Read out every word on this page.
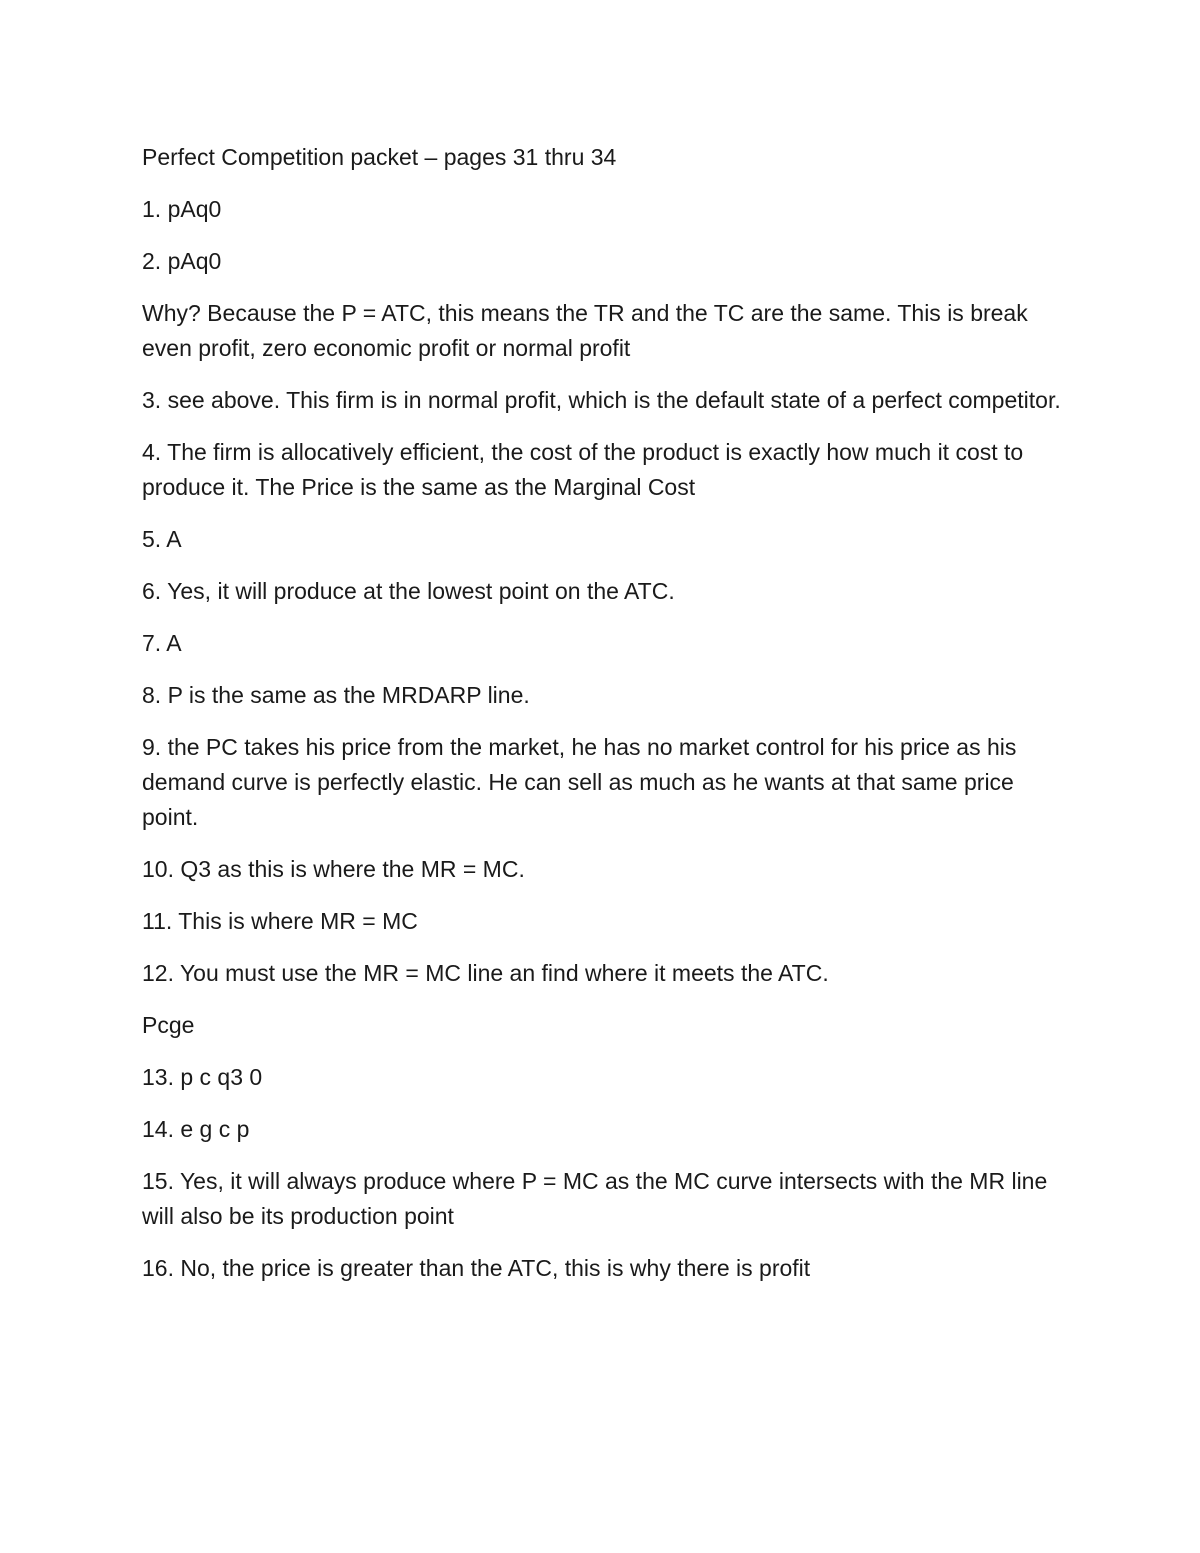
Perfect Competition packet – pages 31 thru 34

1. pAq0

2. pAq0

Why? Because the P = ATC, this means the TR and the TC are the same. This is break even profit, zero economic profit or normal profit

3. see above. This firm is in normal profit, which is the default state of a perfect competitor.

4. The firm is allocatively efficient, the cost of the product is exactly how much it cost to produce it. The Price is the same as the Marginal Cost

5. A

6. Yes, it will produce at the lowest point on the ATC.

7. A

8. P is the same as the MRDARP line.

9. the PC takes his price from the market, he has no market control for his price as his demand curve is perfectly elastic. He can sell as much as he wants at that same price point.

10. Q3 as this is where the MR = MC.

11. This is where MR = MC

12. You must use the MR = MC line an find where it meets the ATC.

Pcge

13. p c q3 0

14. e g c p

15. Yes, it will always produce where P = MC as the MC curve intersects with the MR line will also be its production point

16. No, the price is greater than the ATC, this is why there is profit
